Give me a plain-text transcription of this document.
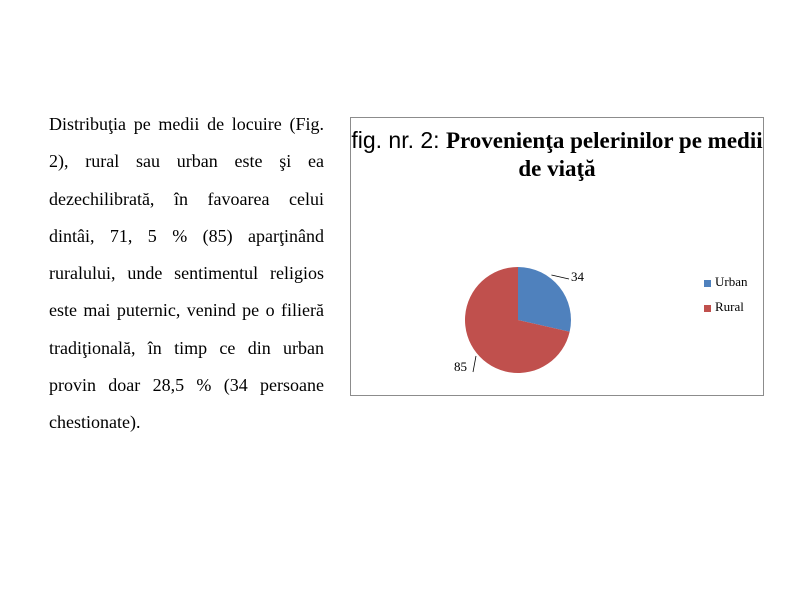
Distribuţia pe medii de locuire (Fig. 2), rural sau urban este şi ea dezechilibrată, în favoarea celui dintâi, 71, 5 % (85) aparţinând ruralului, unde sentimentul religios este mai puternic, venind pe o filieră tradiţională, în timp ce din urban provin doar 28,5 % (34 persoane chestionate).

fig. nr. 2: Provenienţa pelerinilor pe medii de viaţă
34
85
Urban
Rural
